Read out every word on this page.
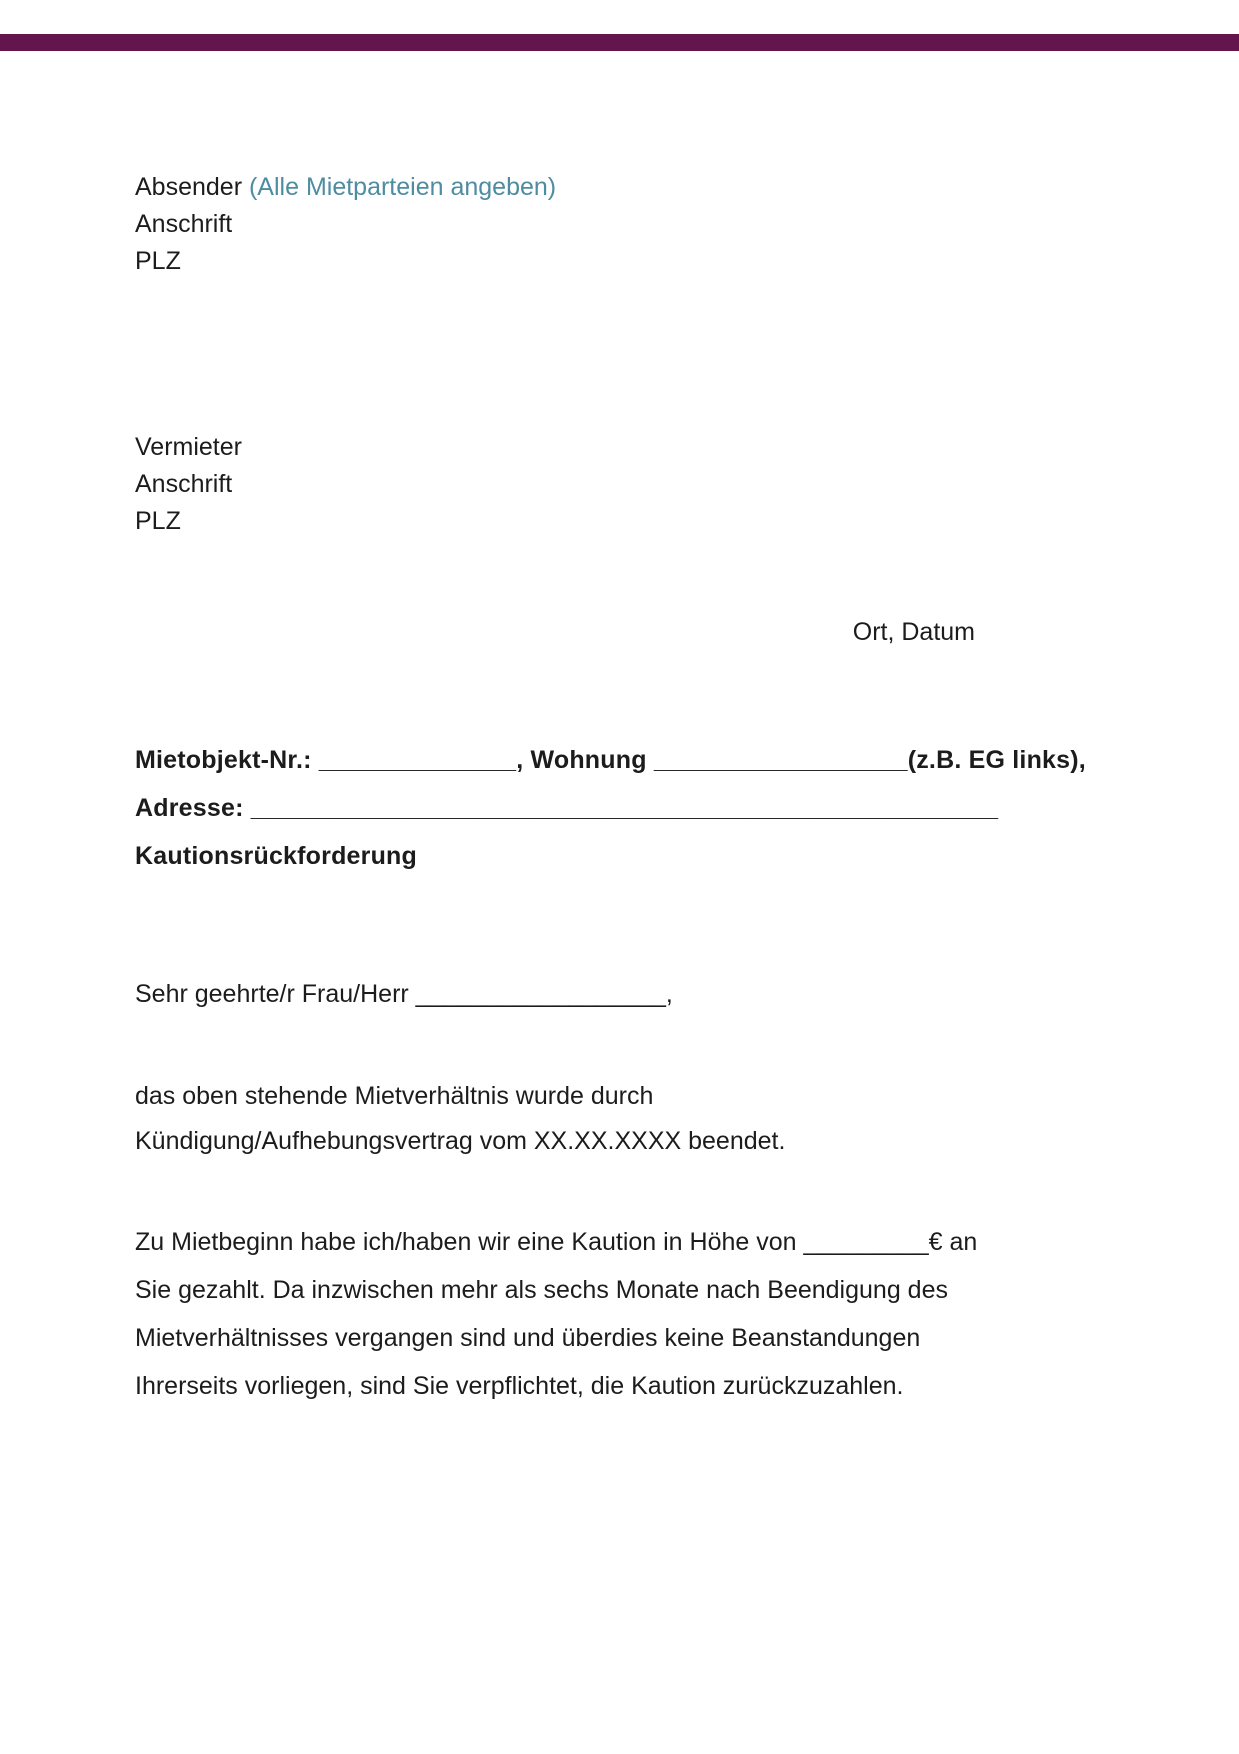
Absender (Alle Mietparteien angeben)
Anschrift
PLZ
Vermieter
Anschrift
PLZ
Ort, Datum
Mietobjekt-Nr.: ______________, Wohnung __________________(z.B. EG links),
Adresse: _____________________________________________________
Kautionsrückforderung
Sehr geehrte/r Frau/Herr __________________,
das oben stehende Mietverhältnis wurde durch
Kündigung/Aufhebungsvertrag vom XX.XX.XXXX beendet.
Zu Mietbeginn habe ich/haben wir eine Kaution in Höhe von _________€ an
Sie gezahlt. Da inzwischen mehr als sechs Monate nach Beendigung des
Mietverhältnisses vergangen sind und überdies keine Beanstandungen
Ihrerseits vorliegen, sind Sie verpflichtet, die Kaution zurückzuzahlen.
